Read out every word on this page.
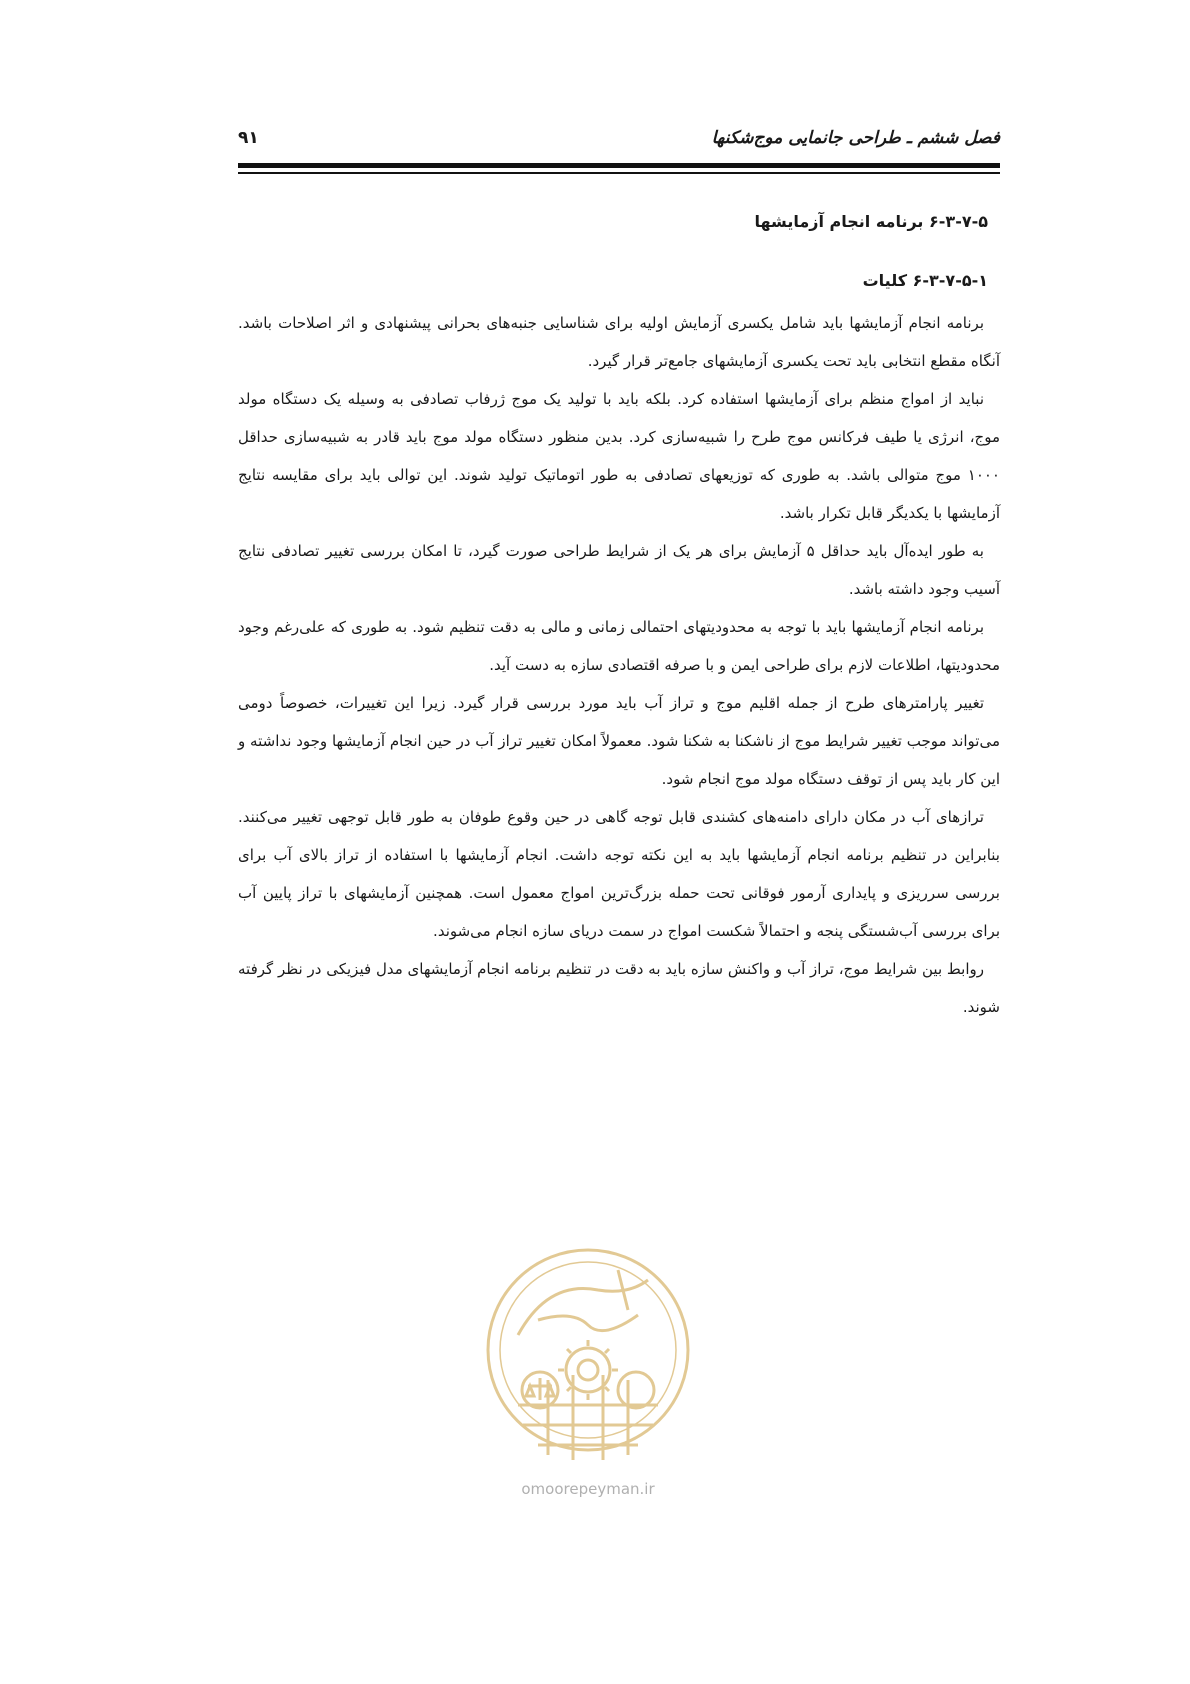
فصل ششم ـ طراحی جانمایی موج‌شکنها
۹۱
۶-۳-۷-۵ برنامه انجام آزمایشها
۶-۳-۷-۵-۱ کلیات

برنامه انجام آزمایشها باید شامل یکسری آزمایش اولیه برای شناسایی جنبه‌های بحرانی پیشنهادی و اثر اصلاحات باشد. آنگاه مقطع انتخابی باید تحت یکسری آزمایشهای جامع‌تر قرار گیرد.

نباید از امواج منظم برای آزمایشها استفاده کرد. بلکه باید با تولید یک موج ژرفاب تصادفی به وسیله یک دستگاه مولد موج، انرژی یا طیف فرکانس موج طرح را شبیه‌سازی کرد. بدین منظور دستگاه مولد موج باید قادر به شبیه‌سازی حداقل ۱۰۰۰ موج متوالی باشد. به طوری که توزیعهای تصادفی به طور اتوماتیک تولید شوند. این توالی باید برای مقایسه نتایج آزمایشها با یکدیگر قابل تکرار باشد.

به طور ایده‌آل باید حداقل ۵ آزمایش برای هر یک از شرایط طراحی صورت گیرد، تا امکان بررسی تغییر تصادفی نتایج آسیب وجود داشته باشد.

برنامه انجام آزمایشها باید با توجه به محدودیتهای احتمالی زمانی و مالی به دقت تنظیم شود. به طوری که علی‌رغم وجود محدودیتها، اطلاعات لازم برای طراحی ایمن و با صرفه اقتصادی سازه به دست آید.

تغییر پارامترهای طرح از جمله اقلیم موج و تراز آب باید مورد بررسی قرار گیرد. زیرا این تغییرات، خصوصاً دومی می‌تواند موجب تغییر شرایط موج از ناشکنا به شکنا شود. معمولاً امکان تغییر تراز آب در حین انجام آزمایشها وجود نداشته و این کار باید پس از توقف دستگاه مولد موج انجام شود.

ترازهای آب در مکان دارای دامنه‌های کشندی قابل توجه گاهی در حین وقوع طوفان به طور قابل توجهی تغییر می‌کنند. بنابراین در تنظیم برنامه انجام آزمایشها باید به این نکته توجه داشت. انجام آزمایشها با استفاده از تراز بالای آب برای بررسی سرریزی و پایداری آرمور فوقانی تحت حمله بزرگ‌ترین امواج معمول است. همچنین آزمایشهای با تراز پایین آب برای بررسی آب‌شستگی پنجه و احتمالاً شکست امواج در سمت دریای سازه انجام می‌شوند.

روابط بین شرایط موج، تراز آب و واکنش سازه باید به دقت در تنظیم برنامه انجام آزمایشهای مدل فیزیکی در نظر گرفته شوند.

omoorepeyman.ir
